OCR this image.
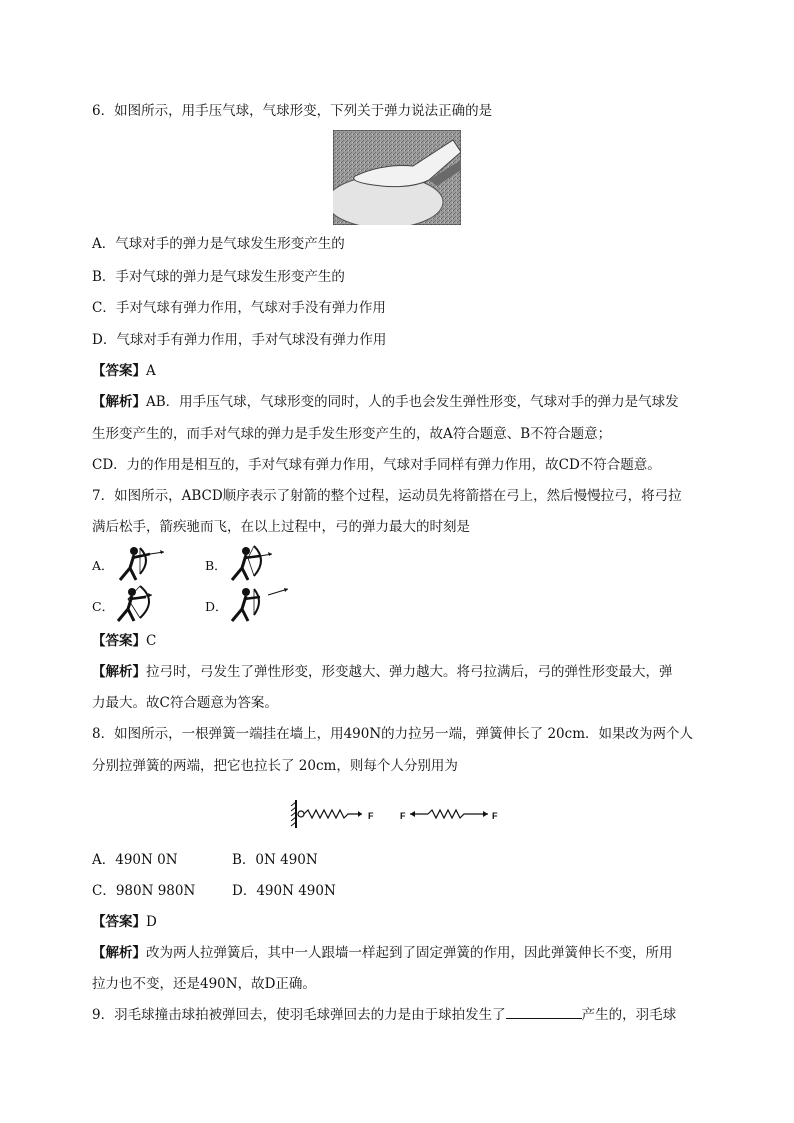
6．如图所示，用手压气球，气球形变，下列关于弹力说法正确的是
A．气球对手的弹力是气球发生形变产生的
B．手对气球的弹力是气球发生形变产生的
C．手对气球有弹力作用，气球对手没有弹力作用
D．气球对手有弹力作用，手对气球没有弹力作用
【答案】A
【解析】AB．用手压气球，气球形变的同时，人的手也会发生弹性形变，气球对手的弹力是气球发
生形变产生的，而手对气球的弹力是手发生形变产生的，故A符合题意、B不符合题意；
CD．力的作用是相互的，手对气球有弹力作用，气球对手同样有弹力作用，故CD不符合题意。
7．如图所示，ABCD顺序表示了射箭的整个过程，运动员先将箭搭在弓上，然后慢慢拉弓，将弓拉
满后松手，箭疾驰而飞，在以上过程中，弓的弹力最大的时刻是
A．	B．
C．	D．
【答案】C
【解析】拉弓时，弓发生了弹性形变，形变越大、弹力越大。将弓拉满后，弓的弹性形变最大，弹
力最大。故C符合题意为答案。
8．如图所示，一根弹簧一端挂在墙上，用490N的力拉另一端，弹簧伸长了 20cm．如果改为两个人
分别拉弹簧的两端，把它也拉长了 20cm，则每个人分别用为
F	F	F
A．490N 0N	B．0N 490N
C．980N 980N	D．490N 490N
【答案】D
【解析】改为两人拉弹簧后，其中一人跟墙一样起到了固定弹簧的作用，因此弹簧伸长不变，所用
拉力也不变，还是490N，故D正确。
9．羽毛球撞击球拍被弹回去，使羽毛球弹回去的力是由于球拍发生了	产生的，羽毛球
